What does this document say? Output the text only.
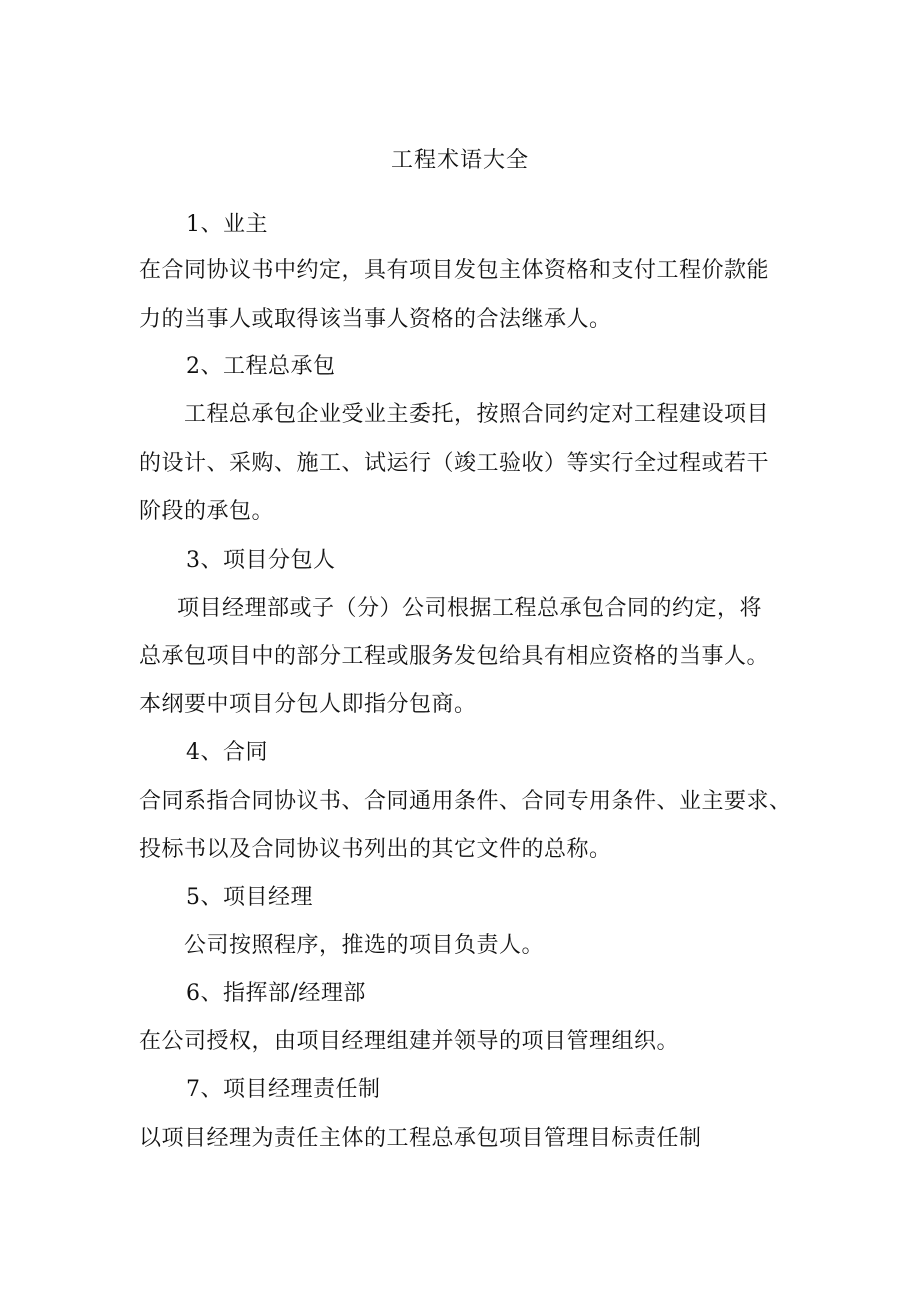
工程术语大全
1、业主
在合同协议书中约定，具有项目发包主体资格和支付工程价款能
力的当事人或取得该当事人资格的合法继承人。
2、工程总承包
工程总承包企业受业主委托，按照合同约定对工程建设项目
的设计、采购、施工、试运行（竣工验收）等实行全过程或若干
阶段的承包。
3、项目分包人
项目经理部或子（分）公司根据工程总承包合同的约定，将
总承包项目中的部分工程或服务发包给具有相应资格的当事人。
本纲要中项目分包人即指分包商。
4、合同
合同系指合同协议书、合同通用条件、合同专用条件、业主要求、
投标书以及合同协议书列出的其它文件的总称。
5、项目经理
公司按照程序，推选的项目负责人。
6、指挥部/经理部
在公司授权，由项目经理组建并领导的项目管理组织。
7、项目经理责任制
以项目经理为责任主体的工程总承包项目管理目标责任制
